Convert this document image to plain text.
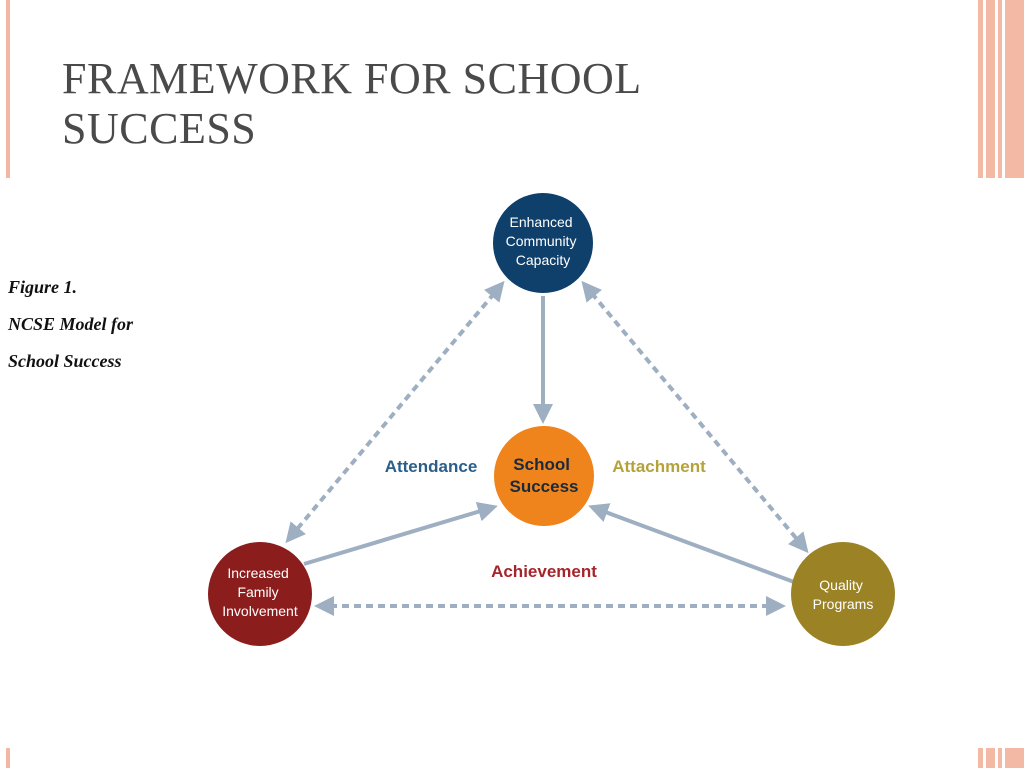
FRAMEWORK FOR SCHOOL
SUCCESS
Figure 1.
NCSE Model for
School Success
Enhanced Community Capacity
School Success
Increased Family Involvement
Quality Programs
Attendance	Attachment
Achievement
